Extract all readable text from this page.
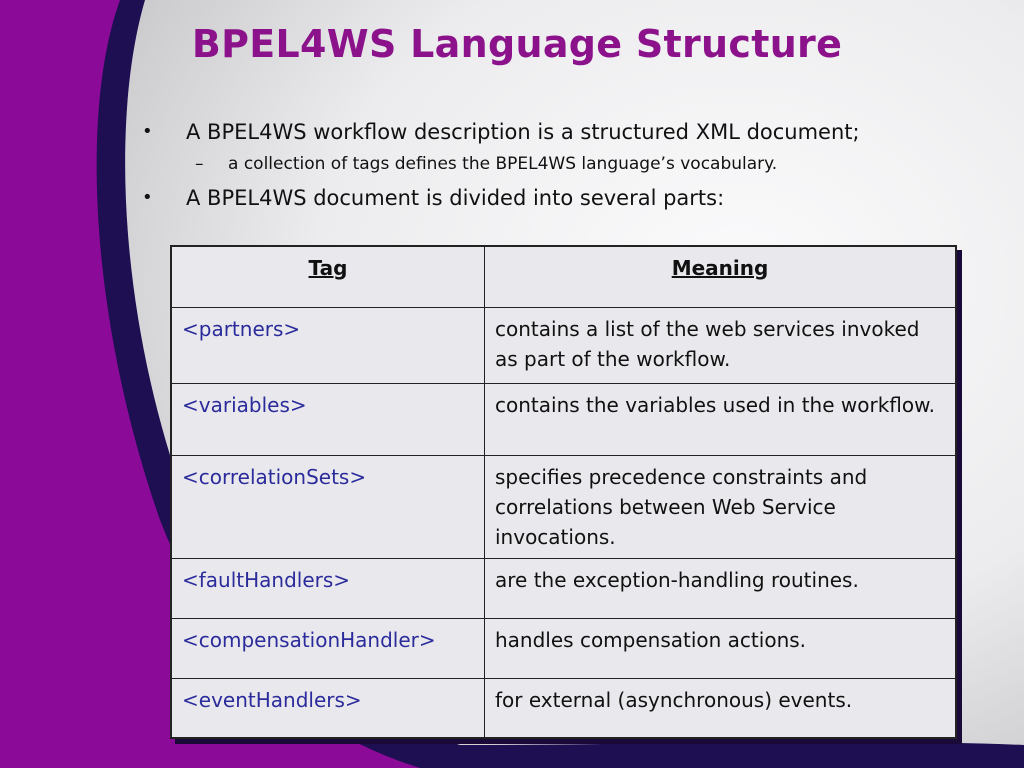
BPEL4WS Language Structure
• A BPEL4WS workflow description is a structured XML document;
– a collection of tags defines the BPEL4WS language’s vocabulary.
• A BPEL4WS document is divided into several parts:
Tag	Meaning
<partners>	contains a list of the web services invoked as part of the workflow.
<variables>	contains the variables used in the workflow.
<correlationSets>	specifies precedence constraints and correlations between Web Service invocations.
<faultHandlers>	are the exception-handling routines.
<compensationHandler>	handles compensation actions.
<eventHandlers>	for external (asynchronous) events.
